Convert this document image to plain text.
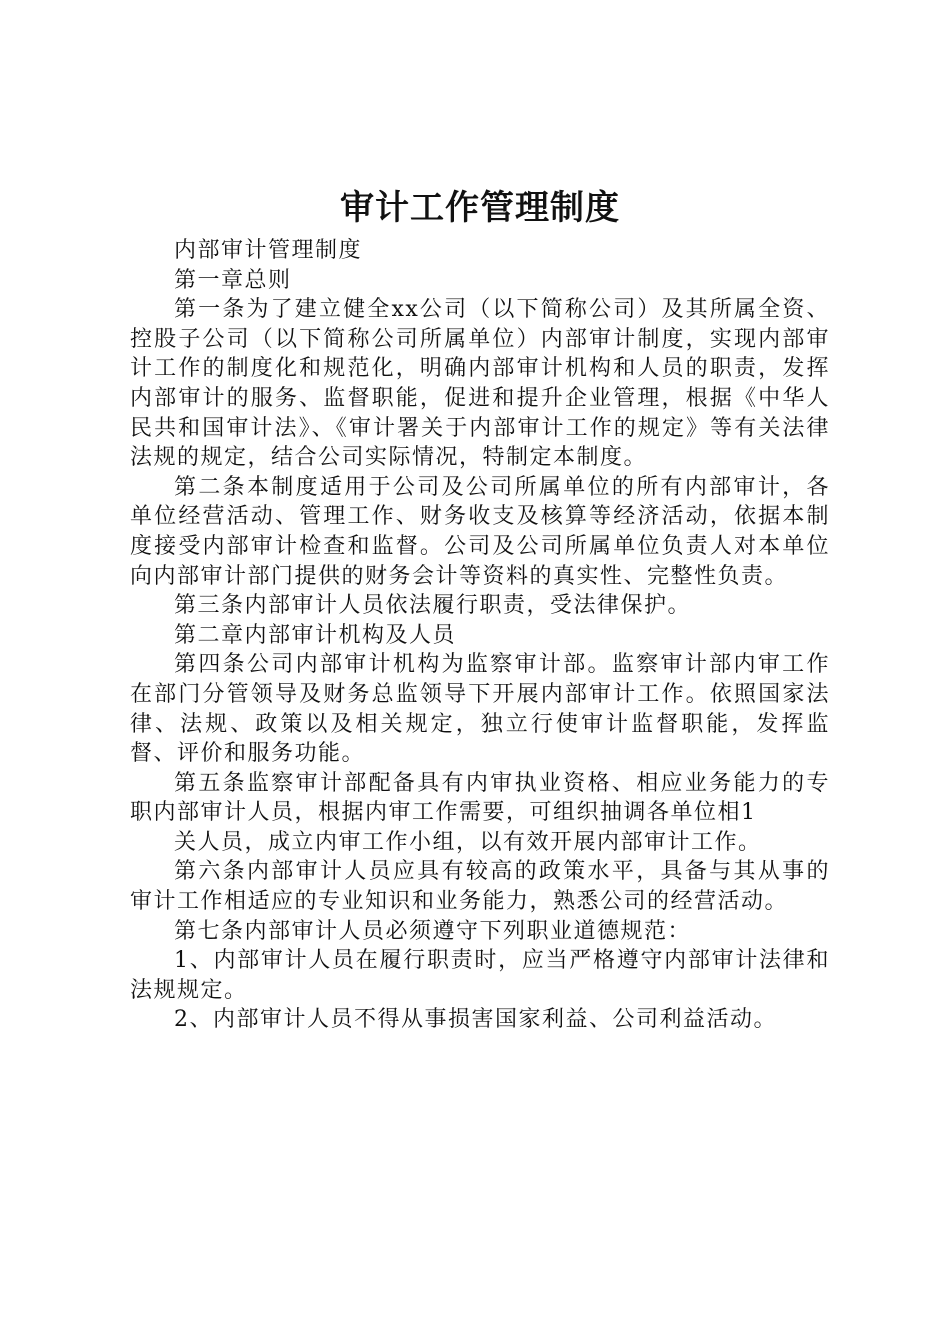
审计工作管理制度

内部审计管理制度

第一章总则

第一条为了建立健全xx公司（以下简称公司）及其所属全资、控股子公司（以下简称公司所属单位）内部审计制度，实现内部审计工作的制度化和规范化，明确内部审计机构和人员的职责，发挥内部审计的服务、监督职能，促进和提升企业管理，根据《中华人民共和国审计法》、《审计署关于内部审计工作的规定》等有关法律法规的规定，结合公司实际情况，特制定本制度。

第二条本制度适用于公司及公司所属单位的所有内部审计，各单位经营活动、管理工作、财务收支及核算等经济活动，依据本制度接受内部审计检查和监督。公司及公司所属单位负责人对本单位向内部审计部门提供的财务会计等资料的真实性、完整性负责。

第三条内部审计人员依法履行职责，受法律保护。

第二章内部审计机构及人员

第四条公司内部审计机构为监察审计部。监察审计部内审工作在部门分管领导及财务总监领导下开展内部审计工作。依照国家法律、法规、政策以及相关规定，独立行使审计监督职能，发挥监督、评价和服务功能。

第五条监察审计部配备具有内审执业资格、相应业务能力的专职内部审计人员，根据内审工作需要，可组织抽调各单位相1

关人员，成立内审工作小组，以有效开展内部审计工作。

第六条内部审计人员应具有较高的政策水平，具备与其从事的审计工作相适应的专业知识和业务能力，熟悉公司的经营活动。

第七条内部审计人员必须遵守下列职业道德规范：

1、内部审计人员在履行职责时，应当严格遵守内部审计法律和法规规定。

2、内部审计人员不得从事损害国家利益、公司利益活动。
